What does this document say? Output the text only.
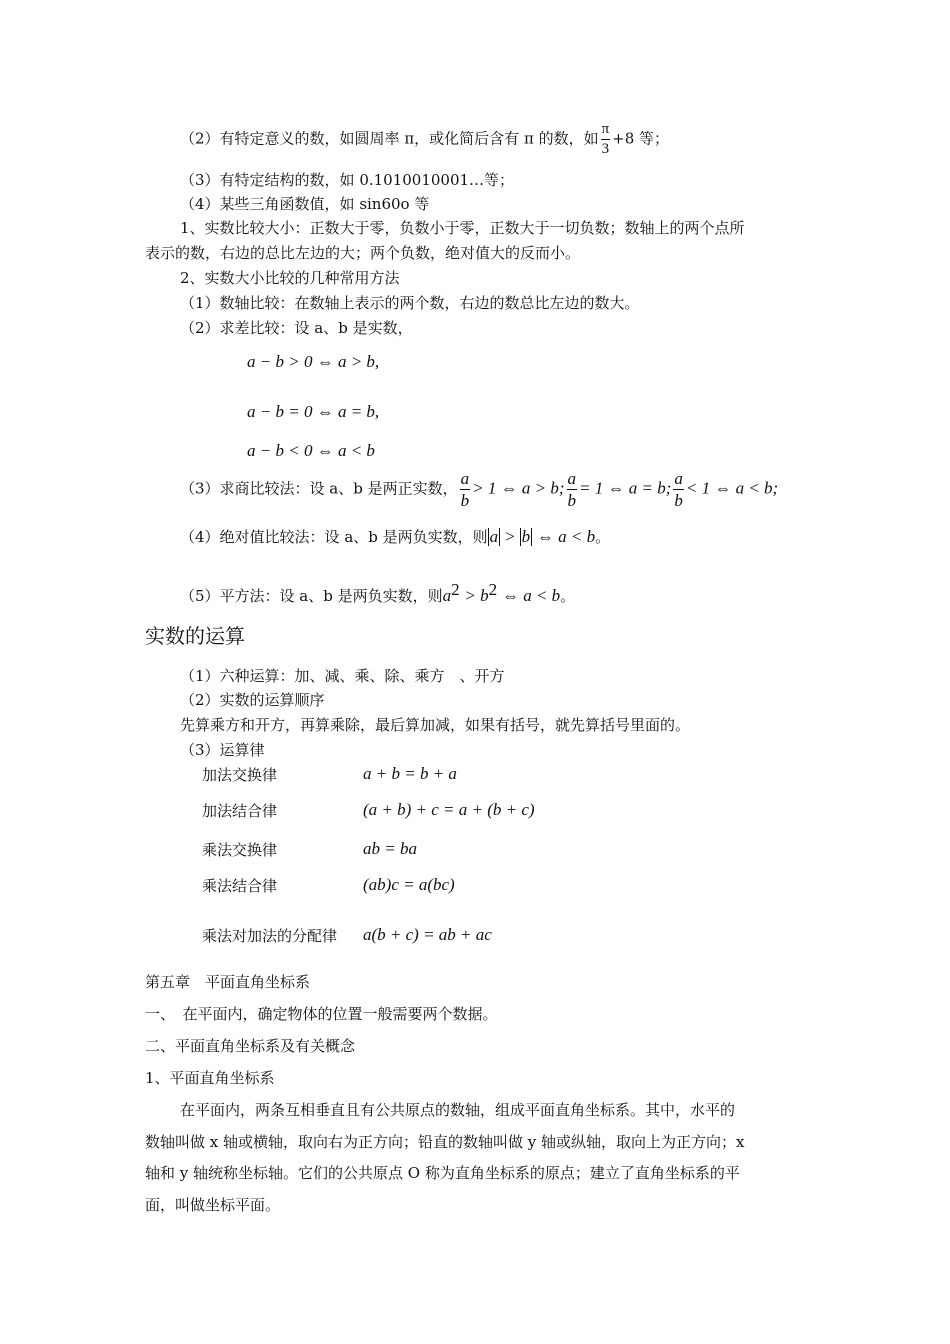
（2）有特定意义的数，如圆周率 π，或化简后含有 π 的数，如 $\frac{\pi}{3} +8$ 等；
（3）有特定结构的数，如 0.1010010001…等；
（4）某些三角函数值，如 sin60o 等
1、实数比较大小：正数大于零，负数小于零，正数大于一切负数；数轴上的两个点所
表示的数，右边的总比左边的大；两个负数，绝对值大的反而小。
2、实数大小比较的几种常用方法
（1）数轴比较：在数轴上表示的两个数，右边的数总比左边的数大。
（2）求差比较：设 a、b 是实数，
a − b > 0 ⇔ a > b,
a − b = 0 ⇔ a = b,
a − b < 0 ⇔ a < b
（3）求商比较法：设 a、b 是两正实数， $\frac{a}{b} > 1$ ⇔ a > b; $\frac{a}{b} = 1$ ⇔ a = b; $\frac{a}{b} < 1$ ⇔ a < b;
（4）绝对值比较法：设 a、b 是两负实数，则 a > b ⇔ a < b。
（5）平方法：设 a、b 是两负实数，则$a^2 > b^2$ ⇔ a < b。
实数的运算
（1）六种运算：加、减、乘、除、乘方　、开方
（2）实数的运算顺序
先算乘方和开方，再算乘除，最后算加减，如果有括号，就先算括号里面的。
（3）运算律
加法交换律	a + b = b + a
加法结合律	(a + b) + c = a + (b + c)
乘法交换律	ab = ba
乘法结合律	(ab)c = a(bc)
乘法对加法的分配律 a(b + c) = ab + ac
第五章　平面直角坐标系
一、　在平面内，确定物体的位置一般需要两个数据。
二、平面直角坐标系及有关概念
1、平面直角坐标系
在平面内，两条互相垂直且有公共原点的数轴，组成平面直角坐标系。其中，水平的
数轴叫做 x 轴或横轴，取向右为正方向；铅直的数轴叫做 y 轴或纵轴，取向上为正方向；x
轴和 y 轴统称坐标轴。它们的公共原点 O 称为直角坐标系的原点；建立了直角坐标系的平
面，叫做坐标平面。
